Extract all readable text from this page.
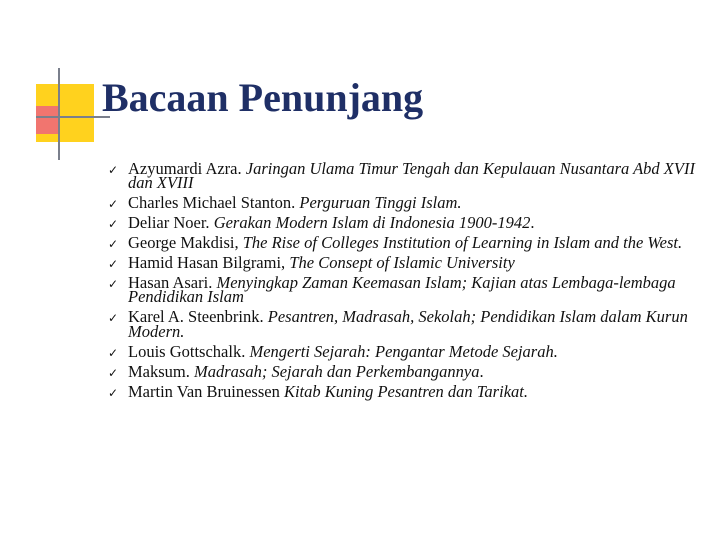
Bacaan Penunjang
✓ Azyumardi Azra. Jaringan Ulama Timur Tengah dan Kepulauan Nusantara Abd XVII dan XVIII
✓ Charles Michael Stanton. Perguruan Tinggi Islam.
✓ Deliar Noer. Gerakan Modern Islam di Indonesia 1900-1942.
✓ George Makdisi, The Rise of Colleges Institution of Learning in Islam and the West.
✓ Hamid Hasan Bilgrami, The Consept of Islamic University
✓ Hasan Asari. Menyingkap Zaman Keemasan Islam; Kajian atas Lembaga-lembaga Pendidikan Islam
✓ Karel A. Steenbrink. Pesantren, Madrasah, Sekolah; Pendidikan Islam dalam Kurun Modern.
✓ Louis Gottschalk. Mengerti Sejarah: Pengantar Metode Sejarah.
✓ Maksum. Madrasah; Sejarah dan Perkembangannya.
✓ Martin Van Bruinessen Kitab Kuning Pesantren dan Tarikat.
